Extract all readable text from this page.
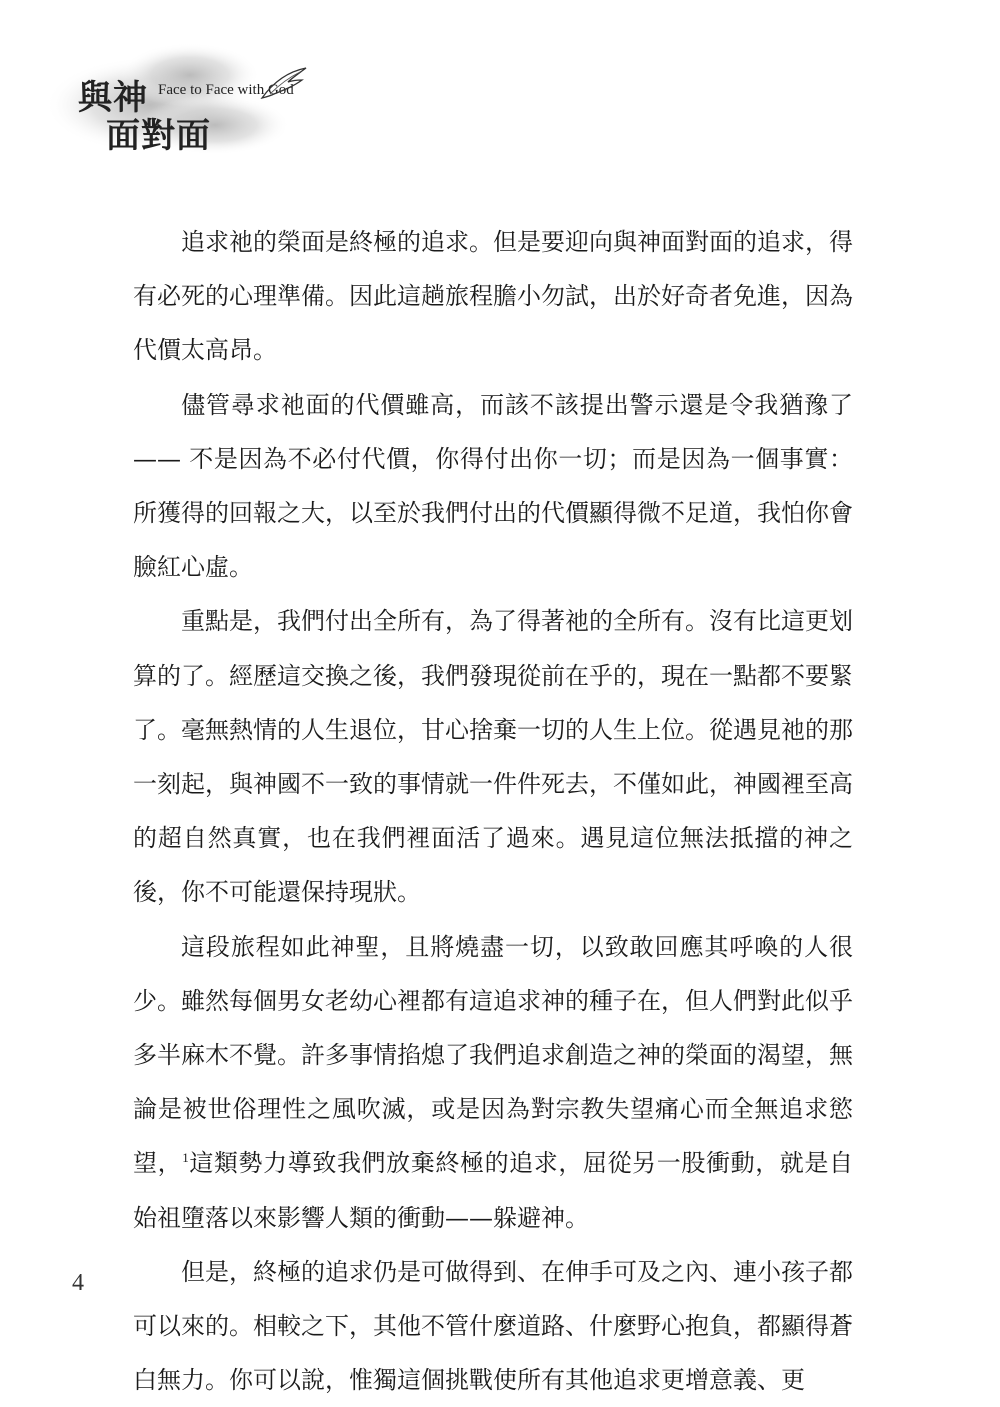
與神 Face to Face with God
面對面

追求祂的榮面是終極的追求。但是要迎向與神面對面的追求，得有必死的心理準備。因此這趟旅程膽小勿試，出於好奇者免進，因為代價太高昂。

儘管尋求祂面的代價雖高，而該不該提出警示還是令我猶豫了 —— 不是因為不必付代價，你得付出你一切；而是因為一個事實：所獲得的回報之大，以至於我們付出的代價顯得微不足道，我怕你會臉紅心虛。

重點是，我們付出全所有，為了得著祂的全所有。沒有比這更划算的了。經歷這交換之後，我們發現從前在乎的，現在一點都不要緊了。毫無熱情的人生退位，甘心捨棄一切的人生上位。從遇見祂的那一刻起，與神國不一致的事情就一件件死去，不僅如此，神國裡至高的超自然真實，也在我們裡面活了過來。遇見這位無法抵擋的神之後，你不可能還保持現狀。

這段旅程如此神聖，且將燒盡一切，以致敢回應其呼喚的人很少。雖然每個男女老幼心裡都有這追求神的種子在，但人們對此似乎多半麻木不覺。許多事情掐熄了我們追求創造之神的榮面的渴望，無論是被世俗理性之風吹滅，或是因為對宗教失望痛心而全無追求慾望，$^1$這類勢力導致我們放棄終極的追求，屈從另一股衝動，就是自始祖墮落以來影響人類的衝動——躲避神。

但是，終極的追求仍是可做得到、在伸手可及之內、連小孩子都可以來的。相較之下，其他不管什麼道路、什麼野心抱負，都顯得蒼白無力。你可以說，惟獨這個挑戰使所有其他追求更增意義、更

4
